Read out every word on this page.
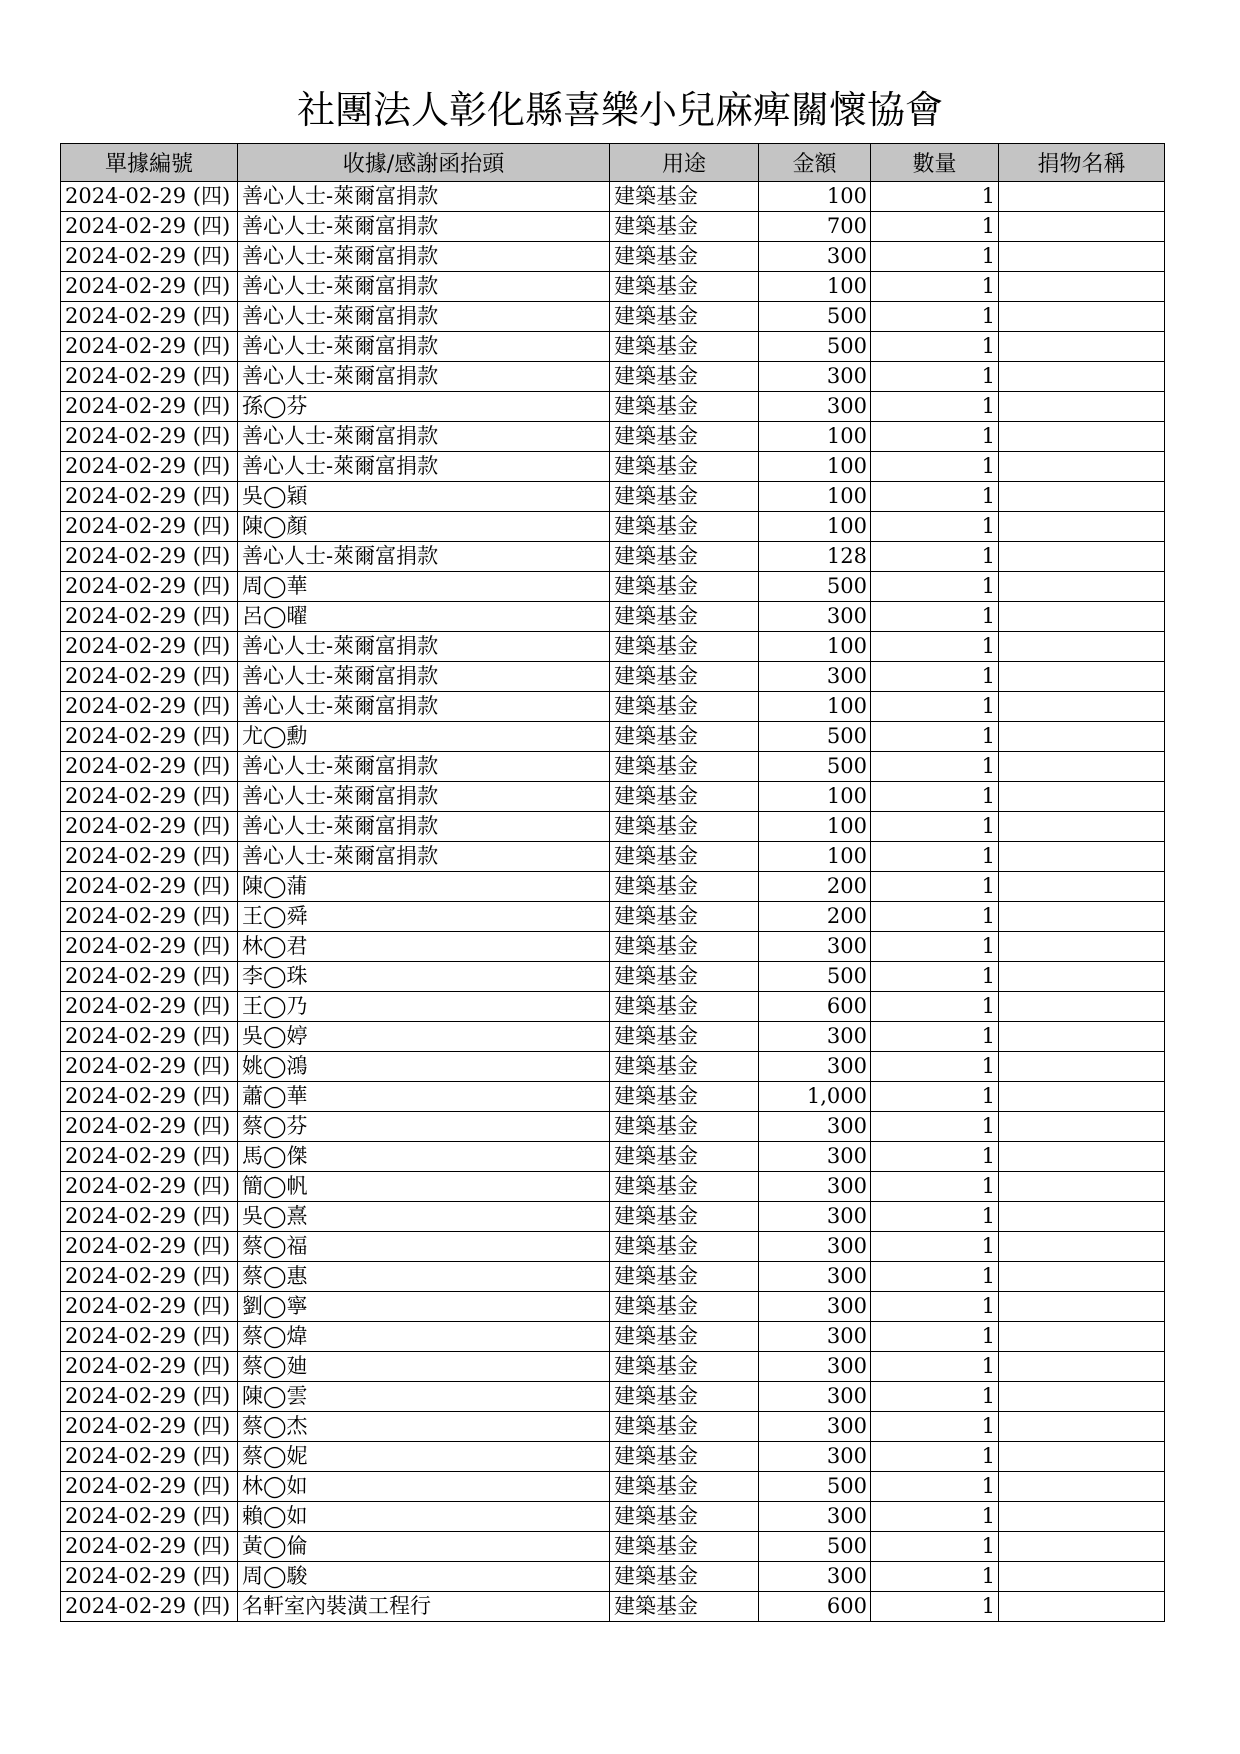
社團法人彰化縣喜樂小兒麻痺關懷協會
單據編號	收據/感謝函抬頭	用途	金額	數量	捐物名稱
2024-02-29 (四)	善心人士-萊爾富捐款	建築基金	100	1	
2024-02-29 (四)	善心人士-萊爾富捐款	建築基金	700	1	
2024-02-29 (四)	善心人士-萊爾富捐款	建築基金	300	1	
2024-02-29 (四)	善心人士-萊爾富捐款	建築基金	100	1	
2024-02-29 (四)	善心人士-萊爾富捐款	建築基金	500	1	
2024-02-29 (四)	善心人士-萊爾富捐款	建築基金	500	1	
2024-02-29 (四)	善心人士-萊爾富捐款	建築基金	300	1	
2024-02-29 (四)	孫◯芬	建築基金	300	1	
2024-02-29 (四)	善心人士-萊爾富捐款	建築基金	100	1	
2024-02-29 (四)	善心人士-萊爾富捐款	建築基金	100	1	
2024-02-29 (四)	吳◯穎	建築基金	100	1	
2024-02-29 (四)	陳◯顏	建築基金	100	1	
2024-02-29 (四)	善心人士-萊爾富捐款	建築基金	128	1	
2024-02-29 (四)	周◯華	建築基金	500	1	
2024-02-29 (四)	呂◯曜	建築基金	300	1	
2024-02-29 (四)	善心人士-萊爾富捐款	建築基金	100	1	
2024-02-29 (四)	善心人士-萊爾富捐款	建築基金	300	1	
2024-02-29 (四)	善心人士-萊爾富捐款	建築基金	100	1	
2024-02-29 (四)	尤◯勳	建築基金	500	1	
2024-02-29 (四)	善心人士-萊爾富捐款	建築基金	500	1	
2024-02-29 (四)	善心人士-萊爾富捐款	建築基金	100	1	
2024-02-29 (四)	善心人士-萊爾富捐款	建築基金	100	1	
2024-02-29 (四)	善心人士-萊爾富捐款	建築基金	100	1	
2024-02-29 (四)	陳◯蒲	建築基金	200	1	
2024-02-29 (四)	王◯舜	建築基金	200	1	
2024-02-29 (四)	林◯君	建築基金	300	1	
2024-02-29 (四)	李◯珠	建築基金	500	1	
2024-02-29 (四)	王◯乃	建築基金	600	1	
2024-02-29 (四)	吳◯婷	建築基金	300	1	
2024-02-29 (四)	姚◯鴻	建築基金	300	1	
2024-02-29 (四)	蕭◯華	建築基金	1,000	1	
2024-02-29 (四)	蔡◯芬	建築基金	300	1	
2024-02-29 (四)	馬◯傑	建築基金	300	1	
2024-02-29 (四)	簡◯帆	建築基金	300	1	
2024-02-29 (四)	吳◯熹	建築基金	300	1	
2024-02-29 (四)	蔡◯福	建築基金	300	1	
2024-02-29 (四)	蔡◯惠	建築基金	300	1	
2024-02-29 (四)	劉◯寧	建築基金	300	1	
2024-02-29 (四)	蔡◯煒	建築基金	300	1	
2024-02-29 (四)	蔡◯廸	建築基金	300	1	
2024-02-29 (四)	陳◯雲	建築基金	300	1	
2024-02-29 (四)	蔡◯杰	建築基金	300	1	
2024-02-29 (四)	蔡◯妮	建築基金	300	1	
2024-02-29 (四)	林◯如	建築基金	500	1	
2024-02-29 (四)	賴◯如	建築基金	300	1	
2024-02-29 (四)	黃◯倫	建築基金	500	1	
2024-02-29 (四)	周◯駿	建築基金	300	1	
2024-02-29 (四)	名軒室內裝潢工程行	建築基金	600	1	
